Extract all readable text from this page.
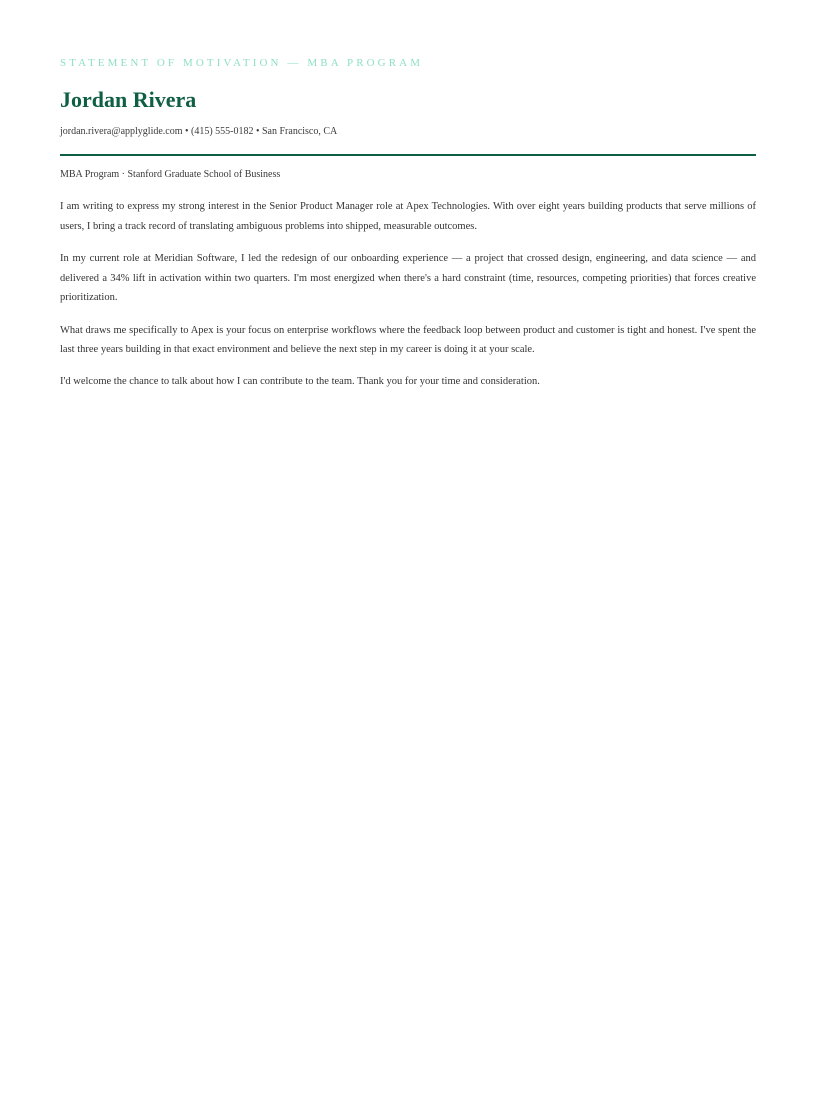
STATEMENT OF MOTIVATION — MBA PROGRAM
Jordan Rivera
jordan.rivera@applyglide.com • (415) 555-0182 • San Francisco, CA
MBA Program · Stanford Graduate School of Business

I am writing to express my strong interest in the Senior Product Manager role at Apex Technologies. With over eight years building products that serve millions of users, I bring a track record of translating ambiguous problems into shipped, measurable outcomes.

In my current role at Meridian Software, I led the redesign of our onboarding experience — a project that crossed design, engineering, and data science — and delivered a 34% lift in activation within two quarters. I'm most energized when there's a hard constraint (time, resources, competing priorities) that forces creative prioritization.

What draws me specifically to Apex is your focus on enterprise workflows where the feedback loop between product and customer is tight and honest. I've spent the last three years building in that exact environment and believe the next step in my career is doing it at your scale.

I'd welcome the chance to talk about how I can contribute to the team. Thank you for your time and consideration.
